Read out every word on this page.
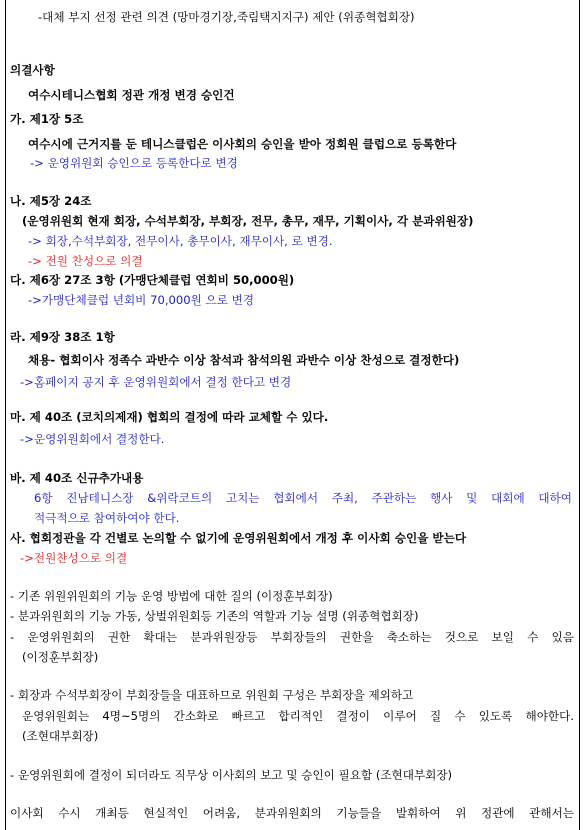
-대체 부지 선정 관련 의견 (망마경기장,죽림택지지구) 제안 (위종혁협회장)
의결사항
여수시테니스협회 정관 개정 변경 승인건
가. 제1장 5조
여수시에 근거지를 둔 테니스클럽은 이사회의 승인을 받아 정회원 클럽으로 등록한다
-> 운영위원회 승인으로 등록한다로 변경
나. 제5장 24조
(운영위원회 현재 회장, 수석부회장, 부회장, 전무, 총무, 재무, 기획이사, 각 분과위원장)
-> 회장,수석부회장, 전무이사, 총무이사, 재무이사, 로 변경.
-> 전원 찬성으로 의결
다. 제6장 27조 3항 (가맹단체클럽 연회비 50,000원)
->가맹단체클럽 년회비 70,000원 으로 변경
라. 제9장 38조 1항
채용- 협회이사 정족수 과반수 이상 참석과 참석의원 과반수 이상 찬성으로 결정한다)
->홈페이지 공지 후 운영위원회에서 결정 한다고 변경
마. 제 40조 (코치의제재) 협회의 결정에 따라 교체할 수 있다.
->운영위원회에서 결정한다.
바. 제 40조 신규추가내용
6항 진남테니스장 &위락코트의 고치는 협회에서 주최, 주관하는 행사 및 대회에 대하여
적극적으로 참여하여야 한다.
사. 협회정관을 각 건별로 논의할 수 없기에 운영위원회에서 개정 후 이사회 승인을 받는다
->전원찬성으로 의결
- 기존 위원위원회의 기능 운영 방법에 대한 질의 (이정훈부회장)
- 분과위원회의 기능 가동, 상벌위원회등 기존의 역할과 기능 설명 (위종혁협회장)
- 운영위원회의 권한 확대는 분과위원장등 부회장들의 권한을 축소하는 것으로 보일 수 있음
(이정훈부회장)
- 회장과 수석부회장이 부회장들을 대표하므로 위원회 구성은 부회장을 제외하고
운영위원회는 4명~5명의 간소화로 빠르고 합리적인 결정이 이루어 질 수 있도록 해야한다.
(조현대부회장)
- 운영위원회에 결정이 되더라도 직무상 이사회의 보고 및 승인이 필요함 (조현대부회장)
이사회 수시 개최등 현실적인 어려움, 분과위원회의 기능들을 발휘하여 위 정관에 관해서는
